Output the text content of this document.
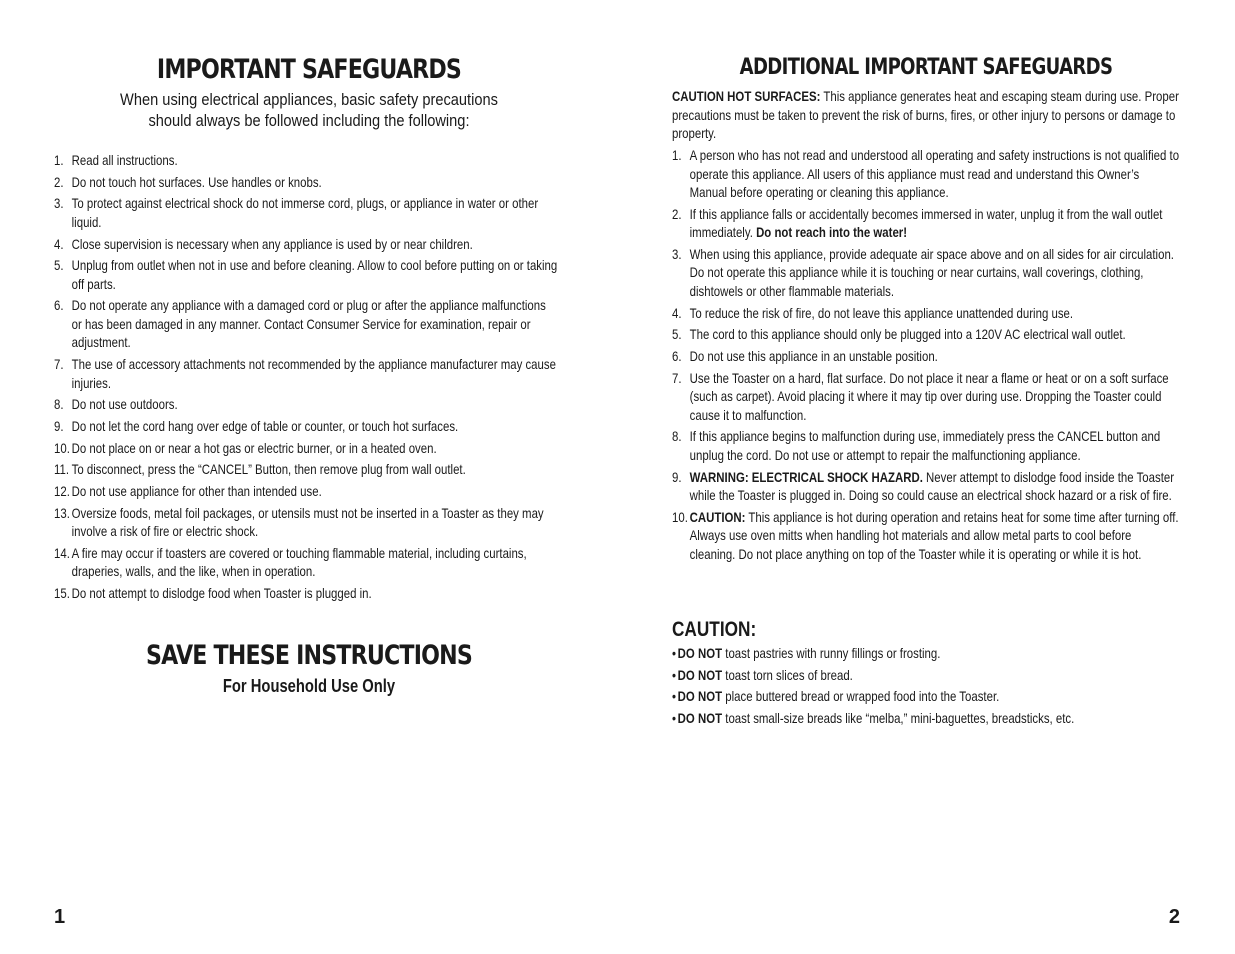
IMPORTANT SAFEGUARDS
When using electrical appliances, basic safety precautions
should always be followed including the following:
1. Read all instructions.
2. Do not touch hot surfaces. Use handles or knobs.
3. To protect against electrical shock do not immerse cord, plugs, or appliance in water or other liquid.
4. Close supervision is necessary when any appliance is used by or near children.
5. Unplug from outlet when not in use and before cleaning. Allow to cool before putting on or taking off parts.
6. Do not operate any appliance with a damaged cord or plug or after the appliance malfunctions or has been damaged in any manner. Contact Consumer Service for examination, repair or adjustment.
7. The use of accessory attachments not recommended by the appliance manufacturer may cause injuries.
8. Do not use outdoors.
9. Do not let the cord hang over edge of table or counter, or touch hot surfaces.
10. Do not place on or near a hot gas or electric burner, or in a heated oven.
11. To disconnect, press the “CANCEL” Button, then remove plug from wall outlet.
12. Do not use appliance for other than intended use.
13. Oversize foods, metal foil packages, or utensils must not be inserted in a Toaster as they may involve a risk of fire or electric shock.
14. A fire may occur if toasters are covered or touching flammable material, including curtains, draperies, walls, and the like, when in operation.
15. Do not attempt to dislodge food when Toaster is plugged in.
SAVE THESE INSTRUCTIONS
For Household Use Only
1
ADDITIONAL IMPORTANT SAFEGUARDS
CAUTION HOT SURFACES: This appliance generates heat and escaping steam during use. Proper precautions must be taken to prevent the risk of burns, fires, or other injury to persons or damage to property.
1. A person who has not read and understood all operating and safety instructions is not qualified to operate this appliance. All users of this appliance must read and understand this Owner’s Manual before operating or cleaning this appliance.
2. If this appliance falls or accidentally becomes immersed in water, unplug it from the wall outlet immediately. Do not reach into the water!
3. When using this appliance, provide adequate air space above and on all sides for air circulation. Do not operate this appliance while it is touching or near curtains, wall coverings, clothing, dishtowels or other flammable materials.
4. To reduce the risk of fire, do not leave this appliance unattended during use.
5. The cord to this appliance should only be plugged into a 120V AC electrical wall outlet.
6. Do not use this appliance in an unstable position.
7. Use the Toaster on a hard, flat surface. Do not place it near a flame or heat or on a soft surface (such as carpet). Avoid placing it where it may tip over during use. Dropping the Toaster could cause it to malfunction.
8. If this appliance begins to malfunction during use, immediately press the CANCEL button and unplug the cord. Do not use or attempt to repair the malfunctioning appliance.
9. WARNING: ELECTRICAL SHOCK HAZARD. Never attempt to dislodge food inside the Toaster while the Toaster is plugged in. Doing so could cause an electrical shock hazard or a risk of fire.
10. CAUTION: This appliance is hot during operation and retains heat for some time after turning off. Always use oven mitts when handling hot materials and allow metal parts to cool before cleaning. Do not place anything on top of the Toaster while it is operating or while it is hot.
CAUTION:
• DO NOT toast pastries with runny fillings or frosting.
• DO NOT toast torn slices of bread.
• DO NOT place buttered bread or wrapped food into the Toaster.
• DO NOT toast small-size breads like “melba,” mini-baguettes, breadsticks, etc.
2
